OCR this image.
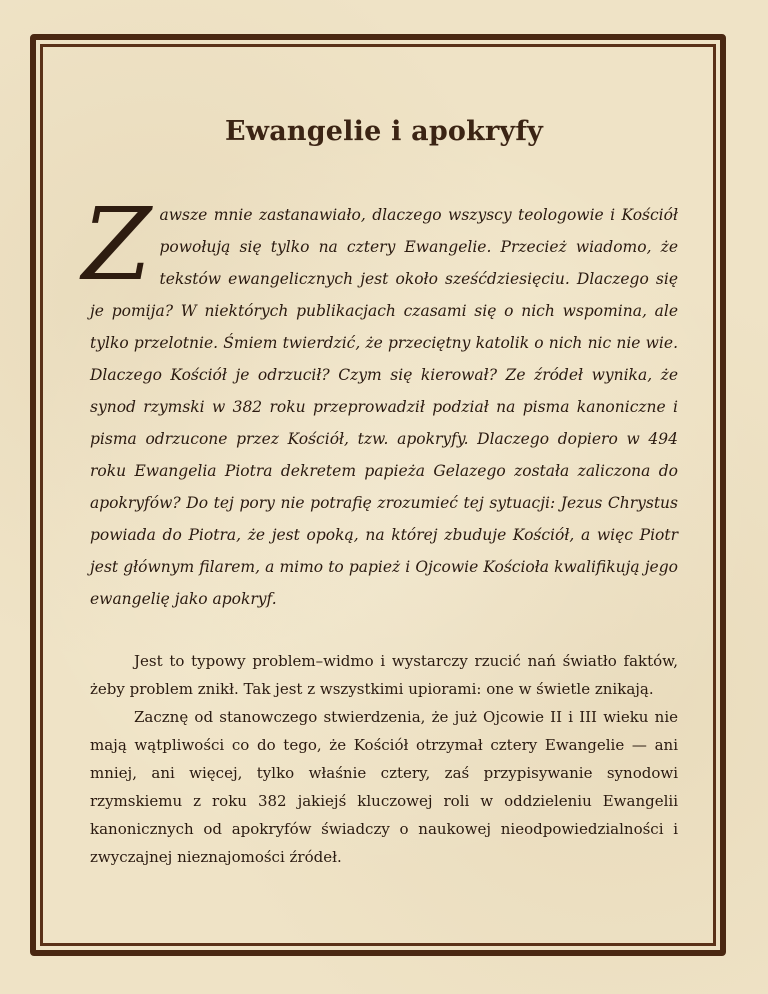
Ewangelie i apokryfy

Zawsze mnie zastanawiało, dlaczego wszyscy teologowie i Kościół powołują się tylko na cztery Ewangelie. Przecież wiadomo, że tekstów ewangelicznych jest około sześćdziesięciu. Dlaczego się je pomija? W niektórych publikacjach czasami się o nich wspomina, ale tylko przelotnie. Śmiem twierdzić, że przeciętny katolik o nich nic nie wie. Dlaczego Kościół je odrzucił? Czym się kierował? Ze źródeł wynika, że synod rzymski w 382 roku przeprowadził podział na pisma kanoniczne i pisma odrzucone przez Kościół, tzw. apokryfy. Dlaczego dopiero w 494 roku Ewangelia Piotra dekretem papieża Gelazego została zaliczona do apokryfów? Do tej pory nie potrafię zrozumieć tej sytuacji: Jezus Chrystus powiada do Piotra, że jest opoką, na której zbuduje Kościół, a więc Piotr jest głównym filarem, a mimo to papież i Ojcowie Kościoła kwalifikują jego ewangelię jako apokryf.

Jest to typowy problem–widmo i wystarczy rzucić nań światło faktów, żeby problem znikł. Tak jest z wszystkimi upiorami: one w świetle znikają.

Zacznę od stanowczego stwierdzenia, że już Ojcowie II i III wieku nie mają wątpliwości co do tego, że Kościół otrzymał cztery Ewangelie — ani mniej, ani więcej, tylko właśnie cztery, zaś przypisywanie synodowi rzymskiemu z roku 382 jakiejś kluczowej roli w oddzieleniu Ewangelii kanonicznych od apokryfów świadczy o naukowej nieodpowiedzialności i zwyczajnej nieznajomości źródeł.
